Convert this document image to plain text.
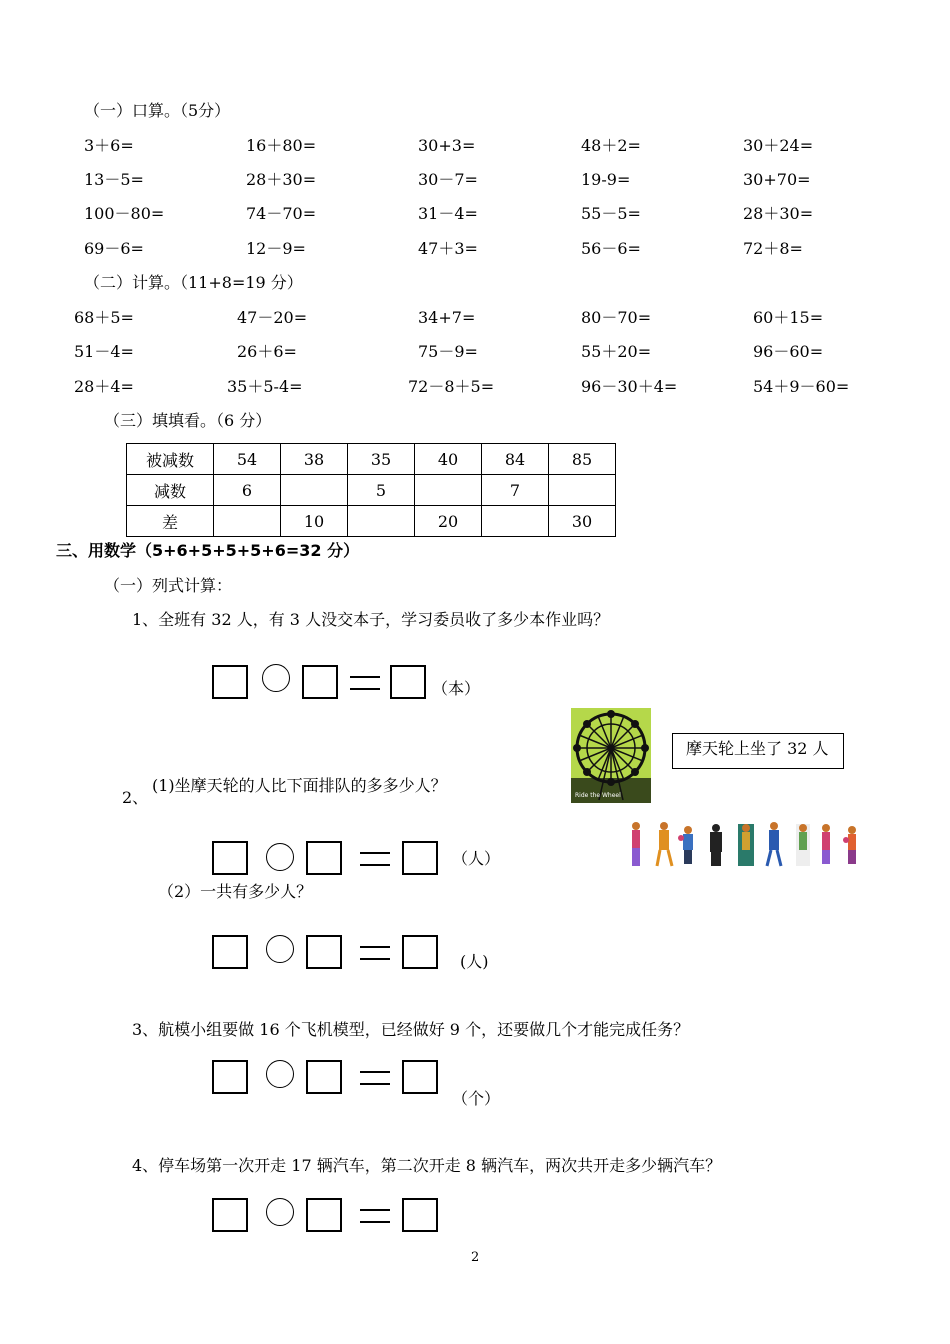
（一）口算。（5分）
3＋6=	16＋80=	30+3=	48＋2=	30＋24=
13－5=	28＋30=	30－7=	19-9=	30+70=
100－80=	74－70=	31－4=	55－5=	28＋30=
69－6=	12－9=	47＋3=	56－6=	72＋8=
（二）计算。（11+8=19 分）
68＋5=	47－20=	34+7=	80－70=	60＋15=
51－4=	26＋6=	75－9=	55＋20=	96－60=
28＋4=	35＋5-4=	72－8＋5=	96－30＋4=	54＋9－60=
（三）填填看。（6 分）
被减数	54	38	35	40	84	85
减数	6		5		7	
差		10		20		30
三、用数学（5+6+5+5+5+6=32 分）
（一）列式计算：
1、全班有 32 人，有 3 人没交本子，学习委员收了多少本作业吗？
（本）
Ride the Wheel
摩天轮上坐了 32 人
2、
(1)坐摩天轮的人比下面排队的多多少人？
（人）
（2）一共有多少人？
(人)
3、航模小组要做 16 个飞机模型，已经做好 9 个，还要做几个才能完成任务？
（个）
4、停车场第一次开走 17 辆汽车，第二次开走 8 辆汽车，两次共开走多少辆汽车？
2
